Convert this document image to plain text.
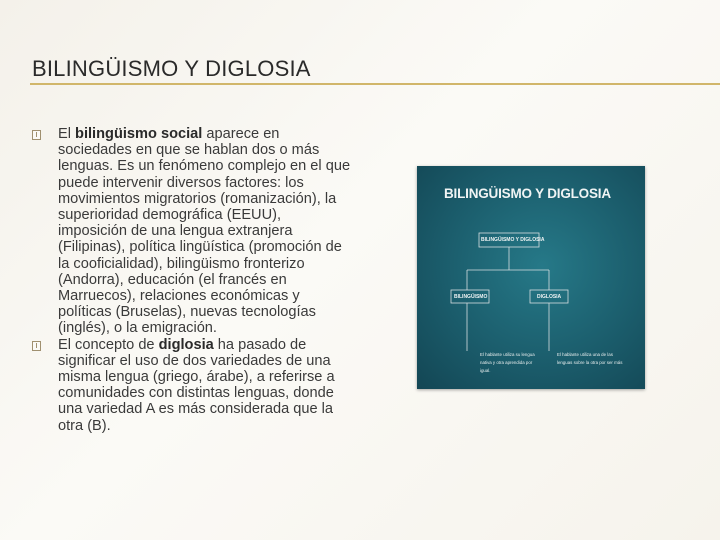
BILINGÜISMO Y DIGLOSIA
El bilingüismo social aparece en sociedades en que se hablan dos o más lenguas. Es un fenómeno complejo en el que puede intervenir diversos factores: los movimientos migratorios (romanización), la superioridad demográfica (EEUU), imposición de una lengua extranjera (Filipinas), política lingüística (promoción de la cooficialidad), bilingüismo fronterizo (Andorra), educación (el francés en Marruecos), relaciones económicas y políticas (Bruselas), nuevas tecnologías (inglés), o la emigración.
El concepto de diglosia ha pasado de significar el uso de dos variedades de una misma lengua (griego, árabe), a referirse a comunidades con distintas lenguas, donde una variedad A es más considerada que la otra (B).
BILINGÜISMO Y DIGLOSIA
BILINGÜISMO Y DIGLOSIA
BILINGÜISMO	DIGLOSIA
El hablante utiliza su lengua nativa y otra aprendida por igual.
El hablante utiliza una de las lenguas sobre la otra por ser más
